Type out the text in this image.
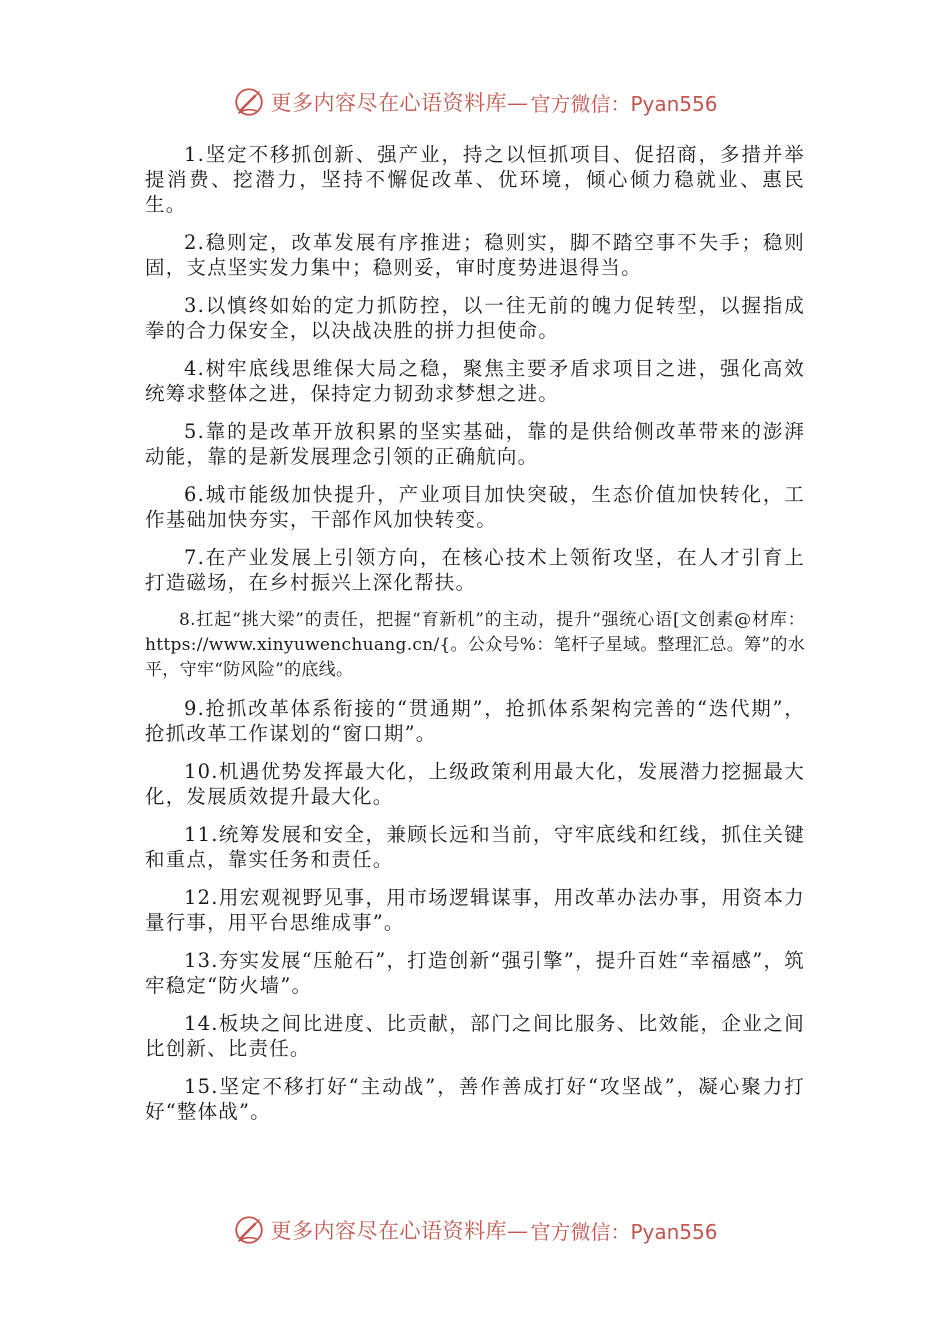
更多内容尽在心语资料库— 官方微信：Pyan556

1.坚定不移抓创新、强产业，持之以恒抓项目、促招商，多措并举提消费、挖潜力，坚持不懈促改革、优环境，倾心倾力稳就业、惠民生。

2.稳则定，改革发展有序推进；稳则实，脚不踏空事不失手；稳则固，支点坚实发力集中；稳则妥，审时度势进退得当。

3.以慎终如始的定力抓防控，以一往无前的魄力促转型，以握指成拳的合力保安全，以决战决胜的拼力担使命。

4.树牢底线思维保大局之稳，聚焦主要矛盾求项目之进，强化高效统筹求整体之进，保持定力韧劲求梦想之进。

5.靠的是改革开放积累的坚实基础，靠的是供给侧改革带来的澎湃动能，靠的是新发展理念引领的正确航向。

6.城市能级加快提升，产业项目加快突破，生态价值加快转化，工作基础加快夯实，干部作风加快转变。

7.在产业发展上引领方向，在核心技术上领衔攻坚，在人才引育上打造磁场，在乡村振兴上深化帮扶。

8.扛起“挑大梁”的责任，把握“育新机”的主动，提升“强统心语[文创素@材库：https://www.xinyuwenchuang.cn/{。公众号%：笔杆子星域。整理汇总。筹”的水平，守牢“防风险”的底线。

9.抢抓改革体系衔接的“贯通期”，抢抓体系架构完善的“迭代期”，抢抓改革工作谋划的“窗口期”。

10.机遇优势发挥最大化，上级政策利用最大化，发展潜力挖掘最大化，发展质效提升最大化。

11.统筹发展和安全，兼顾长远和当前，守牢底线和红线，抓住关键和重点，靠实任务和责任。

12.用宏观视野见事，用市场逻辑谋事，用改革办法办事，用资本力量行事，用平台思维成事”。

13.夯实发展“压舱石”，打造创新“强引擎”，提升百姓“幸福感”，筑牢稳定“防火墙”。

14.板块之间比进度、比贡献，部门之间比服务、比效能，企业之间比创新、比责任。

15.坚定不移打好“主动战”，善作善成打好“攻坚战”，凝心聚力打好“整体战”。

更多内容尽在心语资料库— 官方微信：Pyan556
